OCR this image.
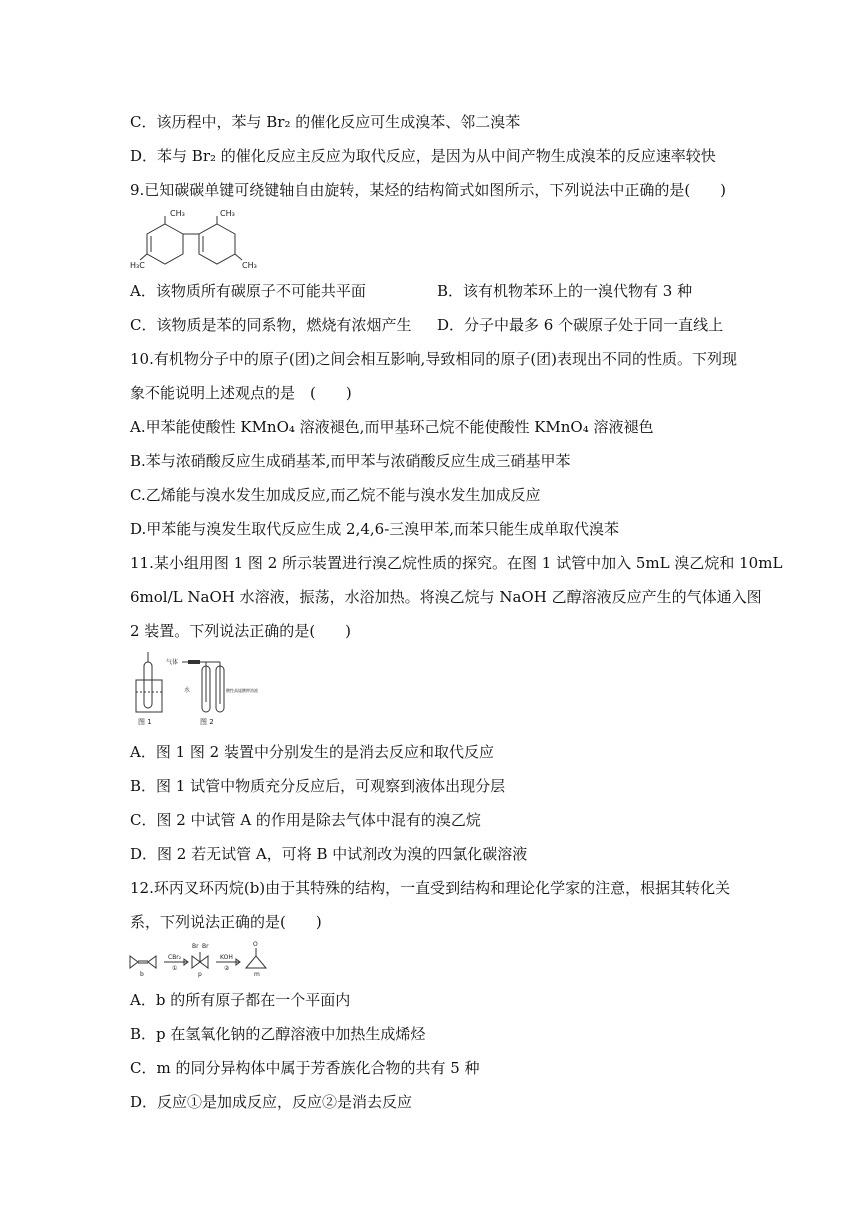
C．该历程中，苯与 Br₂ 的催化反应可生成溴苯、邻二溴苯
D．苯与 Br₂ 的催化反应主反应为取代反应，是因为从中间产物生成溴苯的反应速率较快
9.已知碳碳单键可绕键轴自由旋转，某烃的结构简式如图所示，下列说法中正确的是(　　)
CH₃	CH₃
H₃C	CH₃
A．该物质所有碳原子不可能共平面	B．该有机物苯环上的一溴代物有 3 种
C．该物质是苯的同系物，燃烧有浓烟产生 D．分子中最多 6 个碳原子处于同一直线上
10.有机物分子中的原子(团)之间会相互影响,导致相同的原子(团)表现出不同的性质。下列现
象不能说明上述观点的是　(　　)
A.甲苯能使酸性 KMnO₄ 溶液褪色,而甲基环己烷不能使酸性 KMnO₄ 溶液褪色
B.苯与浓硝酸反应生成硝基苯,而甲苯与浓硝酸反应生成三硝基甲苯
C.乙烯能与溴水发生加成反应,而乙烷不能与溴水发生加成反应
D.甲苯能与溴发生取代反应生成 2,4,6-三溴甲苯,而苯只能生成单取代溴苯
11.某小组用图 1 图 2 所示装置进行溴乙烷性质的探究。在图 1 试管中加入 5mL 溴乙烷和 10mL
6mol/L NaOH 水溶液，振荡，水浴加热。将溴乙烷与 NaOH 乙醇溶液反应产生的气体通入图
2 装置。下列说法正确的是(　　)
气体
水	酸性高锰酸钾溶液
图 1	图 2
A．图 1 图 2 装置中分别发生的是消去反应和取代反应
B．图 1 试管中物质充分反应后，可观察到液体出现分层
C．图 2 中试管 A 的作用是除去气体中混有的溴乙烷
D．图 2 若无试管 A，可将 B 中试剂改为溴的四氯化碳溶液
12.环丙叉环丙烷(b)由于其特殊的结构，一直受到结构和理论化学家的注意，根据其转化关
系，下列说法正确的是(　　)
b
CBr₂
①
Br Br
p
KOH
②
O
m
A．b 的所有原子都在一个平面内
B．p 在氢氧化钠的乙醇溶液中加热生成烯烃
C．m 的同分异构体中属于芳香族化合物的共有 5 种
D．反应①是加成反应，反应②是消去反应
